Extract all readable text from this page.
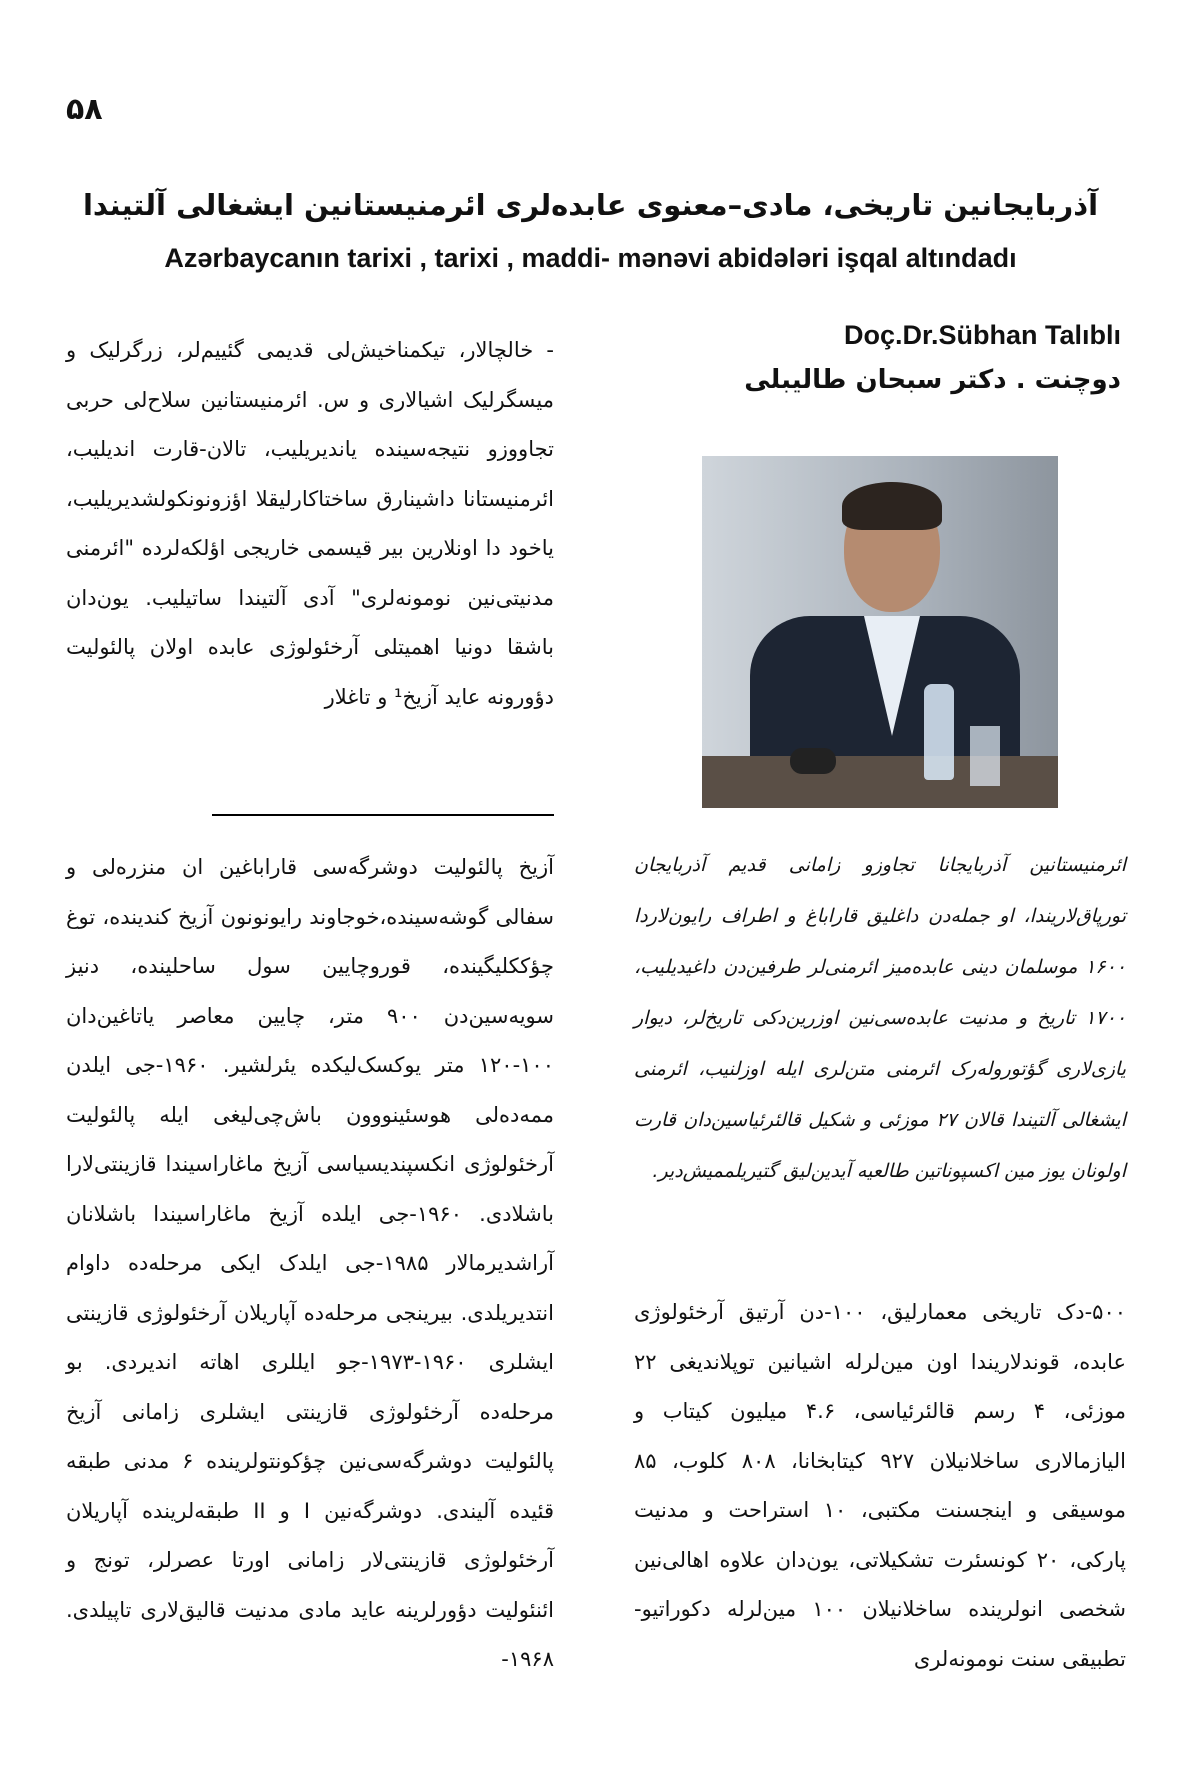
۵۸
آذربایجانین تاریخی، مادی–معنوی عابده‌لری ائرمنیستانین ایشغالی آلتیندا
Azərbaycanın tarixi , tarixi , maddi- mənəvi abidələri işqal altındadı
Doç.Dr.Sübhan Talıblı
دوچنت . دکتر سبحان طالیبلی

- خالچالار، تیکمناخیش‌لی قدیمی گئییم‌لر، زرگرلیک و میسگرلیک اشیالاری و س. ائرمنیستانین سلاح‌لی حربی تجاووزو نتیجه‌سینده یاندیریلیب، تالان-قارت اندیلیب، ائرمنیستانا داشینارق ساختاکارلیقلا اؤزونونکولشدیریلیب، یاخود دا اونلارین بیر قیسمی خاریجی اؤلکه‌لرده "ائرمنی مدنیتی‌نین نومونه‌لری" آدی آلتیندا ساتیلیب. یون‌دان باشقا دونیا اهمیتلی آرخئولوژی عابده اولان پالئولیت دؤورونه عاید آزیخ¹ و تاغلار

آزیخ پالئولیت دوشرگه‌سی قاراباغین ان منزره‌لی و سفالی گوشه‌سینده،خوجاوند رایونونون آزیخ کندینده، توغ چؤککلیگینده، قوروچایین سول ساحلینده، دنیز سویه‌سین‌دن ۹۰۰ متر، چایین معاصر یاتاغین‌دان ۱۰۰-۱۲۰ متر یوکسک‌لیکده یئرلشیر. ۱۹۶۰-جی ایلدن ممه‌ده‌لی هوسئینووون باش‌چی‌لیغی ایله پالئولیت آرخئولوژی انکسپندیسیاسی آزیخ ماغاراسیندا قازینتی‌لارا باشلادی. ۱۹۶۰-جی ایلده آزیخ ماغاراسیندا باشلانان آراشدیرمالار ۱۹۸۵-جی ایلدک ایکی مرحله‌ده داوام انتدیریلدی. بیرینجی مرحله‌ده آپاریلان آرخئولوژی قازینتی ایشلری ۱۹۶۰-۱۹۷۳-جو ایللری اهاته اندیردی. بو مرحله‌ده آرخئولوژی قازینتی ایشلری زامانی آزیخ پالئولیت دوشرگه‌سی‌نین چؤکونتولرینده ۶ مدنی طبقه قئیده آلیندی. دوشرگه‌نین I و II طبقه‌لرینده آپاریلان آرخئولوژی قازینتی‌لار زامانی اورتا عصرلر، تونج و ائنئولیت دؤورلرینه عاید مادی مدنیت قالیق‌لاری تاپیلدی. ۱۹۶۸-

ائرمنیستانین آذربایجانا تجاوزو زامانی قدیم آذربایجان تورپاق‌لاریندا، او جمله‌دن داغلیق قاراباغ و اطراف رایون‌لاردا ۱۶۰۰ موسلمان دینی عابده‌میز ائرمنی‌لر طرفین‌دن داغیدیلیب، ۱۷۰۰ تاریخ و مدنیت عابده‌سی‌نین اوزرین‌دکی تاریخ‌لر، دیوار یازی‌لاری گؤتوروله‌رک ائرمنی متن‌لری ایله اوزلنیب، ائرمنی ایشغالی آلتیندا قالان ۲۷ موزئی و شکیل قالئرئیاسین‌دان قارت اولونان یوز مین اکسپوناتین طالعیه آیدین‌لیق گتیریلممیش‌دیر.

۵۰۰-دک تاریخی معمارلیق، ۱۰۰-دن آرتیق آرخئولوژی عابده، قوندلاریندا اون مین‌لرله اشیانین توپلاندیغی ۲۲ موزئی، ۴ رسم قالئرئیاسی، ۴.۶ میلیون کیتاب و الیازمالاری ساخلانیلان ۹۲۷ کیتابخانا، ۸۰۸ کلوب، ۸۵ موسیقی و اینجسنت مکتبی، ۱۰ استراحت و مدنیت پارکی، ۲۰ کونسئرت تشکیلاتی، یون‌دان علاوه اهالی‌نین شخصی انولرینده ساخلانیلان ۱۰۰ مین‌لرله دکوراتیو-تطبیقی سنت نومونه‌لری
